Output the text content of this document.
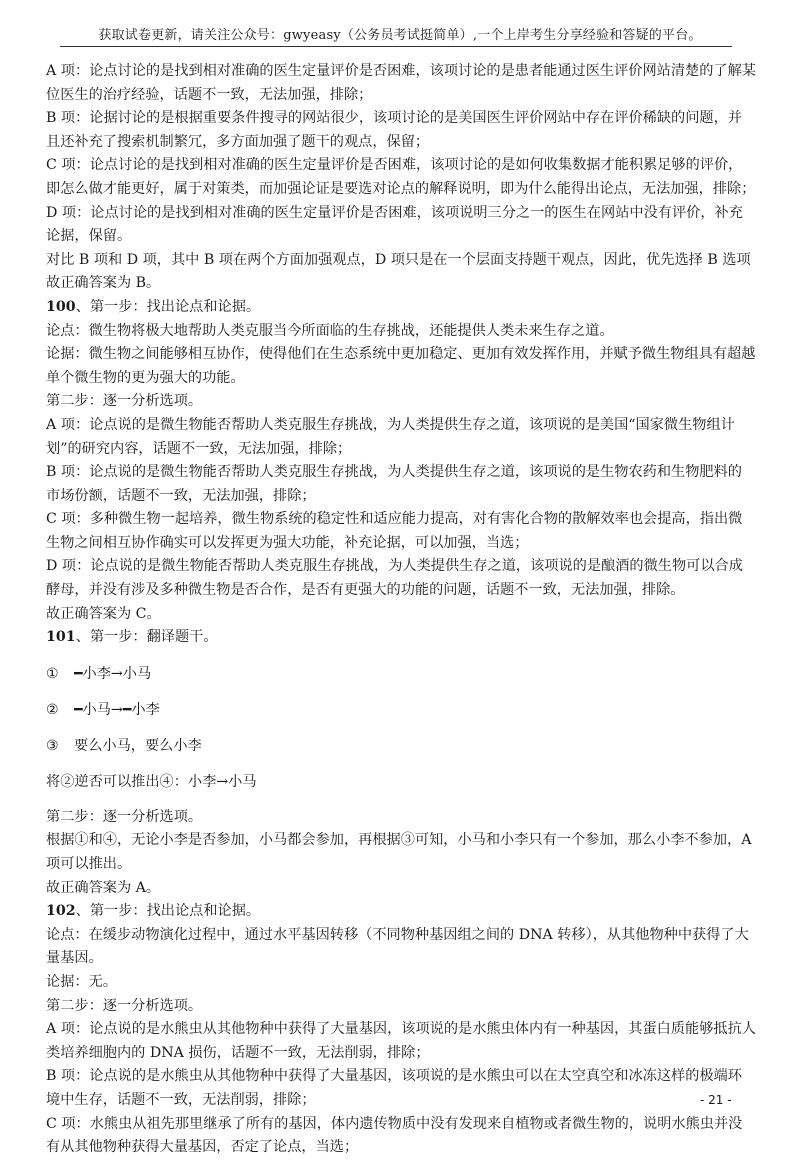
获取试卷更新，请关注公众号：gwyeasy（公务员考试挺简单）,一个上岸考生分享经验和答疑的平台。

A 项：论点讨论的是找到相对准确的医生定量评价是否困难，该项讨论的是患者能通过医生评价网站清楚的了解某位医生的治疗经验，话题不一致，无法加强，排除；

B 项：论据讨论的是根据重要条件搜寻的网站很少，该项讨论的是美国医生评价网站中存在评价稀缺的问题，并且还补充了搜索机制繁冗，多方面加强了题干的观点，保留；

C 项：论点讨论的是找到相对准确的医生定量评价是否困难，该项讨论的是如何收集数据才能积累足够的评价，即怎么做才能更好，属于对策类，而加强论证是要选对论点的解释说明，即为什么能得出论点，无法加强，排除；

D 项：论点讨论的是找到相对准确的医生定量评价是否困难，该项说明三分之一的医生在网站中没有评价，补充论据，保留。

对比 B 项和 D 项，其中 B 项在两个方面加强观点，D 项只是在一个层面支持题干观点，因此，优先选择 B 选项

故正确答案为 B。

100、第一步：找出论点和论据。

论点：微生物将极大地帮助人类克服当今所面临的生存挑战，还能提供人类未来生存之道。

论据：微生物之间能够相互协作，使得他们在生态系统中更加稳定、更加有效发挥作用，并赋予微生物组具有超越单个微生物的更为强大的功能。

第二步：逐一分析选项。

A 项：论点说的是微生物能否帮助人类克服生存挑战，为人类提供生存之道，该项说的是美国“国家微生物组计划”的研究内容，话题不一致，无法加强，排除；

B 项：论点说的是微生物能否帮助人类克服生存挑战，为人类提供生存之道，该项说的是生物农药和生物肥料的市场份额，话题不一致，无法加强，排除；

C 项：多种微生物一起培养，微生物系统的稳定性和适应能力提高，对有害化合物的散解效率也会提高，指出微生物之间相互协作确实可以发挥更为强大功能，补充论据，可以加强，当选；

D 项：论点说的是微生物能否帮助人类克服生存挑战，为人类提供生存之道，该项说的是酿酒的微生物可以合成酵母，并没有涉及多种微生物是否合作，是否有更强大的功能的问题，话题不一致，无法加强，排除。

故正确答案为 C。

101、第一步：翻译题干。

① ━小李→小马

② ━小马→━小李

③ 要么小马，要么小李

将②逆否可以推出④：小李→小马

第二步：逐一分析选项。

根据①和④，无论小李是否参加，小马都会参加，再根据③可知，小马和小李只有一个参加，那么小李不参加，A 项可以推出。

故正确答案为 A。

102、第一步：找出论点和论据。

论点：在缓步动物演化过程中，通过水平基因转移（不同物种基因组之间的 DNA 转移），从其他物种中获得了大量基因。

论据：无。

第二步：逐一分析选项。

A 项：论点说的是水熊虫从其他物种中获得了大量基因，该项说的是水熊虫体内有一种基因，其蛋白质能够抵抗人类培养细胞内的 DNA 损伤，话题不一致，无法削弱，排除；

B 项：论点说的是水熊虫从其他物种中获得了大量基因，该项说的是水熊虫可以在太空真空和冰冻这样的极端环境中生存，话题不一致，无法削弱，排除；

C 项：水熊虫从祖先那里继承了所有的基因，体内遗传物质中没有发现来自植物或者微生物的，说明水熊虫并没有从其他物种获得大量基因，否定了论点，当选；

- 21 -
